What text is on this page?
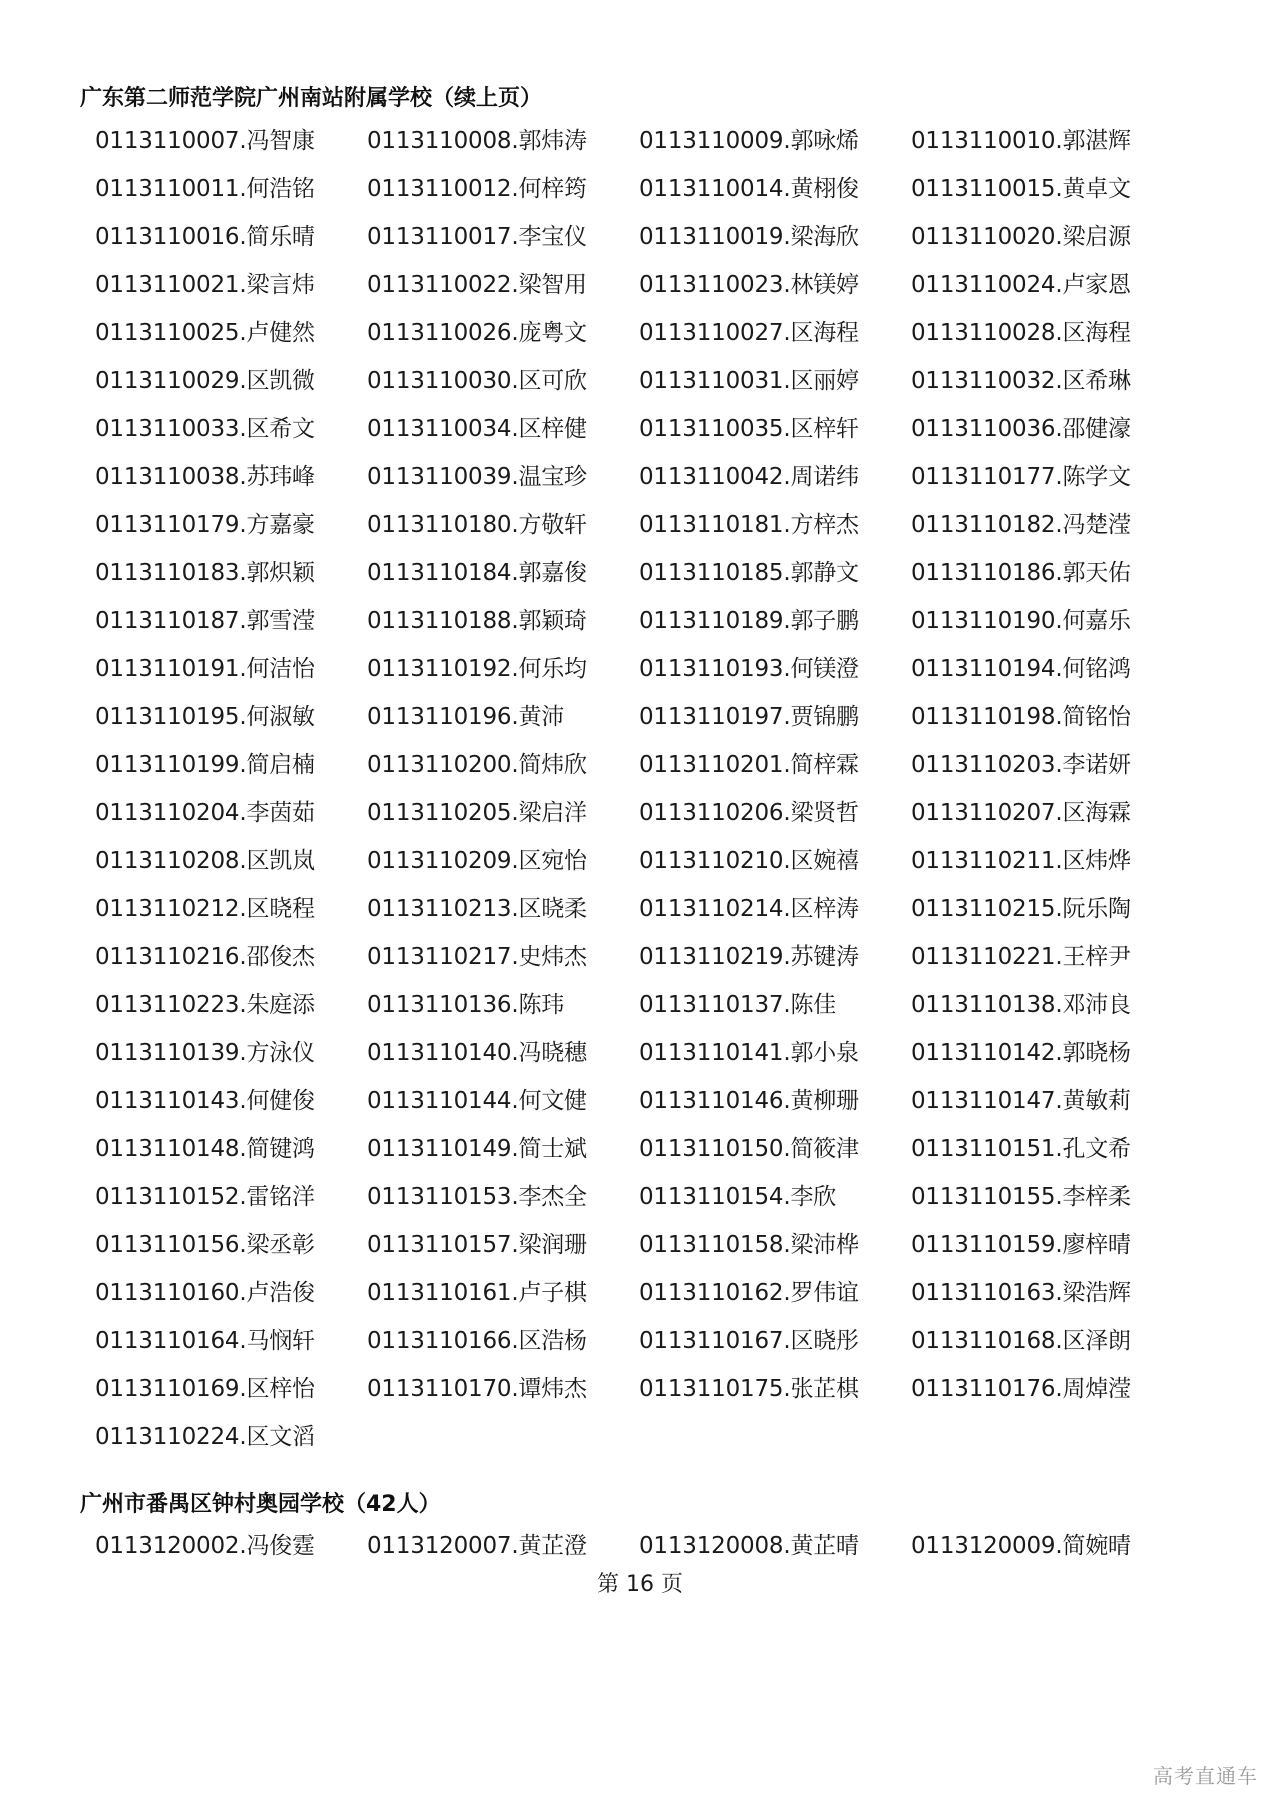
广东第二师范学院广州南站附属学校（续上页）
0113110007.冯智康	0113110008.郭炜涛	0113110009.郭咏烯	0113110010.郭湛辉
0113110011.何浩铭	0113110012.何梓筠	0113110014.黄栩俊	0113110015.黄卓文
0113110016.简乐晴	0113110017.李宝仪	0113110019.梁海欣	0113110020.梁启源
0113110021.梁言炜	0113110022.梁智用	0113110023.林镁婷	0113110024.卢家恩
0113110025.卢健然	0113110026.庞粤文	0113110027.区海程	0113110028.区海程
0113110029.区凯微	0113110030.区可欣	0113110031.区丽婷	0113110032.区希琳
0113110033.区希文	0113110034.区梓健	0113110035.区梓轩	0113110036.邵健濠
0113110038.苏玮峰	0113110039.温宝珍	0113110042.周诺纬	0113110177.陈学文
0113110179.方嘉豪	0113110180.方敬轩	0113110181.方梓杰	0113110182.冯楚滢
0113110183.郭炽颖	0113110184.郭嘉俊	0113110185.郭静文	0113110186.郭天佑
0113110187.郭雪滢	0113110188.郭颖琦	0113110189.郭子鹏	0113110190.何嘉乐
0113110191.何洁怡	0113110192.何乐均	0113110193.何镁澄	0113110194.何铭鸿
0113110195.何淑敏	0113110196.黄沛	0113110197.贾锦鹏	0113110198.简铭怡
0113110199.简启楠	0113110200.简炜欣	0113110201.简梓霖	0113110203.李诺妍
0113110204.李茵茹	0113110205.梁启洋	0113110206.梁贤哲	0113110207.区海霖
0113110208.区凯岚	0113110209.区宛怡	0113110210.区婉禧	0113110211.区炜烨
0113110212.区晓程	0113110213.区晓柔	0113110214.区梓涛	0113110215.阮乐陶
0113110216.邵俊杰	0113110217.史炜杰	0113110219.苏键涛	0113110221.王梓尹
0113110223.朱庭添	0113110136.陈玮	0113110137.陈佳	0113110138.邓沛良
0113110139.方泳仪	0113110140.冯晓穗	0113110141.郭小泉	0113110142.郭晓杨
0113110143.何健俊	0113110144.何文健	0113110146.黄柳珊	0113110147.黄敏莉
0113110148.简键鸿	0113110149.简士斌	0113110150.简筱津	0113110151.孔文希
0113110152.雷铭洋	0113110153.李杰全	0113110154.李欣	0113110155.李梓柔
0113110156.梁丞彰	0113110157.梁润珊	0113110158.梁沛桦	0113110159.廖梓晴
0113110160.卢浩俊	0113110161.卢子棋	0113110162.罗伟谊	0113110163.梁浩辉
0113110164.马悯轩	0113110166.区浩杨	0113110167.区晓彤	0113110168.区泽朗
0113110169.区梓怡	0113110170.谭炜杰	0113110175.张芷棋	0113110176.周焯滢
0113110224.区文滔
广州市番禺区钟村奥园学校（42人）
0113120002.冯俊霆	0113120007.黄芷澄	0113120008.黄芷晴	0113120009.简婉晴
第 16 页
高考直通车
